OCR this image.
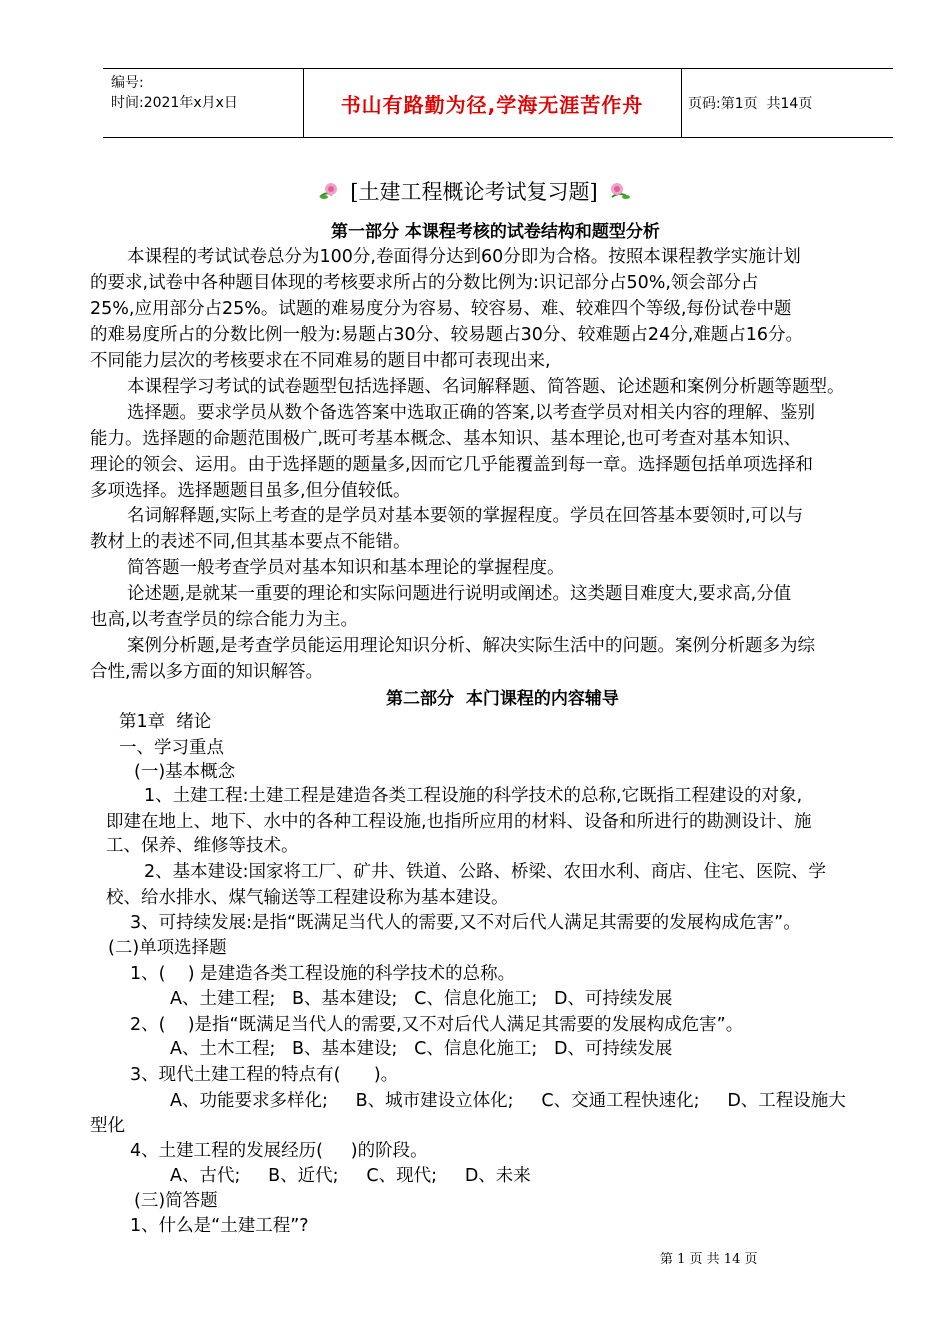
编号:
时间:2021年x月x日	书山有路勤为径,学海无涯苦作舟	页码:第1页  共14页
[土建工程概论考试复习题]
第一部分 本课程考核的试卷结构和题型分析
本课程的考试试卷总分为100分,卷面得分达到60分即为合格。按照本课程教学实施计划
的要求,试卷中各种题目体现的考核要求所占的分数比例为:识记部分占50%,领会部分占
25%,应用部分占25%。试题的难易度分为容易、较容易、难、较难四个等级,每份试卷中题
的难易度所占的分数比例一般为:易题占30分、较易题占30分、较难题占24分,难题占16分。
不同能力层次的考核要求在不同难易的题目中都可表现出来,
本课程学习考试的试卷题型包括选择题、名词解释题、简答题、论述题和案例分析题等题型。
选择题。要求学员从数个备选答案中选取正确的答案,以考查学员对相关内容的理解、鉴别
能力。选择题的命题范围极广,既可考基本概念、基本知识、基本理论,也可考查对基本知识、
理论的领会、运用。由于选择题的题量多,因而它几乎能覆盖到每一章。选择题包括单项选择和
多项选择。选择题题目虽多,但分值较低。
名词解释题,实际上考查的是学员对基本要领的掌握程度。学员在回答基本要领时,可以与
教材上的表述不同,但其基本要点不能错。
简答题一般考查学员对基本知识和基本理论的掌握程度。
论述题,是就某一重要的理论和实际问题进行说明或阐述。这类题目难度大,要求高,分值
也高,以考查学员的综合能力为主。
案例分析题,是考查学员能运用理论知识分析、解决实际生活中的问题。案例分析题多为综
合性,需以多方面的知识解答。
第二部分  本门课程的内容辅导
第1章  绪论
一、学习重点
(一)基本概念
1、土建工程:土建工程是建造各类工程设施的科学技术的总称,它既指工程建设的对象,
即建在地上、地下、水中的各种工程设施,也指所应用的材料、设备和所进行的勘测设计、施
工、保养、维修等技术。
2、基本建设:国家将工厂、矿井、铁道、公路、桥梁、农田水利、商店、住宅、医院、学
校、给水排水、煤气输送等工程建设称为基本建设。
3、可持续发展:是指“既满足当代人的需要,又不对后代人满足其需要的发展构成危害”。
(二)单项选择题
1、(    ) 是建造各类工程设施的科学技术的总称。
A、土建工程;   B、基本建设;   C、信息化施工;   D、可持续发展
2、(    )是指“既满足当代人的需要,又不对后代人满足其需要的发展构成危害”。
A、土木工程;   B、基本建设;   C、信息化施工;   D、可持续发展
3、现代土建工程的特点有(      )。
A、功能要求多样化;     B、城市建设立体化;     C、交通工程快速化;     D、工程设施大
型化
4、土建工程的发展经历(     )的阶段。
A、古代;     B、近代;     C、现代;     D、未来
(三)简答题
1、什么是“土建工程”?
第 1 页 共 14 页
